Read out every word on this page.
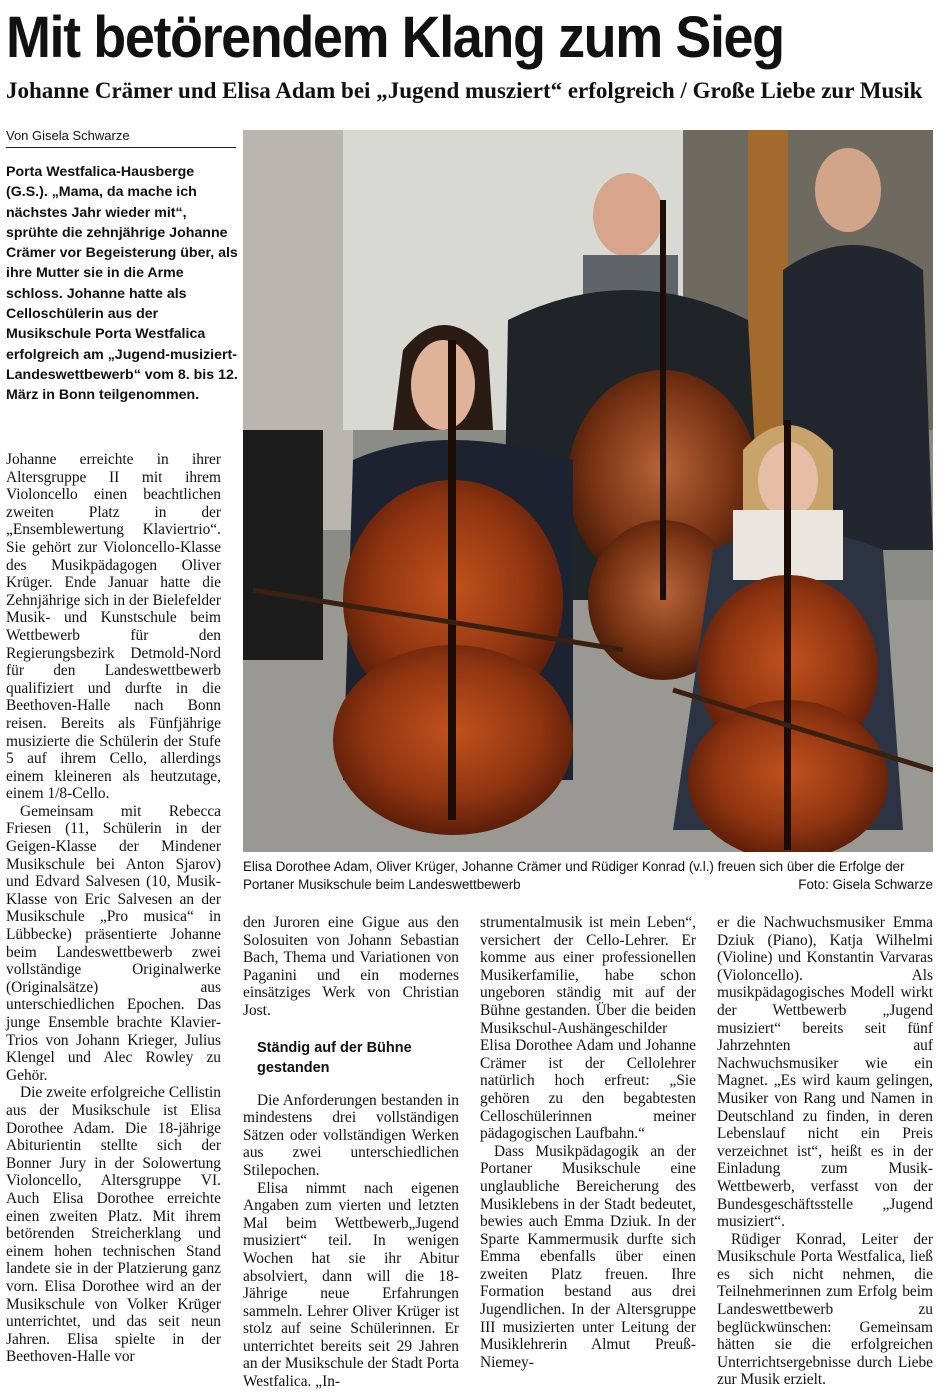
Mit betörendem Klang zum Sieg
Johanne Crämer und Elisa Adam bei „Jugend musziert“ erfolgreich / Große Liebe zur Musik
Von Gisela Schwarze

Porta Westfalica-Hausberge (G.S.). „Mama, da mache ich nächstes Jahr wieder mit“, sprühte die zehnjährige Johanne Crämer vor Begeisterung über, als ihre Mutter sie in die Arme schloss. Johanne hatte als Celloschülerin aus der Musikschule Porta Westfalica erfolgreich am „Jugend-musiziert-Landeswettbewerb“ vom 8. bis 12. März in Bonn teilgenommen.

Johanne erreichte in ihrer Altersgruppe II mit ihrem Violoncello einen beachtlichen zweiten Platz in der „Ensemblewertung Klaviertrio“. Sie gehört zur Violoncello-Klasse des Musikpädagogen Oliver Krüger. Ende Januar hatte die Zehnjährige sich in der Bielefelder Musik- und Kunstschule beim Wettbewerb für den Regierungsbezirk Detmold-Nord für den Landeswettbewerb qualifiziert und durfte in die Beethoven-Halle nach Bonn reisen. Bereits als Fünfjährige musizierte die Schülerin der Stufe 5 auf ihrem Cello, allerdings einem kleineren als heutzutage, einem 1/8-Cello.

Gemeinsam mit Rebecca Friesen (11, Schülerin in der Geigen-Klasse der Mindener Musikschule bei Anton Sjarov) und Edvard Salvesen (10, Musik-Klasse von Eric Salvesen an der Musikschule „Pro musica“ in Lübbecke) präsentierte Johanne beim Landeswettbewerb zwei vollständige Originalwerke (Originalsätze) aus unterschiedlichen Epochen. Das junge Ensemble brachte Klavier-Trios von Johann Krieger, Julius Klengel und Alec Rowley zu Gehör.

Die zweite erfolgreiche Cellistin aus der Musikschule ist Elisa Dorothee Adam. Die 18-jährige Abiturientin stellte sich der Bonner Jury in der Solowertung Violoncello, Altersgruppe VI. Auch Elisa Dorothee erreichte einen zweiten Platz. Mit ihrem betörenden Streicherklang und einem hohen technischen Stand landete sie in der Platzierung ganz vorn. Elisa Dorothee wird an der Musikschule von Volker Krüger unterrichtet, und das seit neun Jahren. Elisa spielte in der Beethoven-Halle vor

Elisa Dorothee Adam, Oliver Krüger, Johanne Crämer und Rüdiger Konrad (v.l.) freuen sich über die Erfolge der Portaner Musikschule beim Landeswettbewerb	Foto: Gisela Schwarze

den Juroren eine Gigue aus den Solosuiten von Johann Sebastian Bach, Thema und Variationen von Paganini und ein modernes einsätziges Werk von Christian Jost.

Ständig auf der Bühne gestanden

Die Anforderungen bestanden in mindestens drei vollständigen Sätzen oder vollständigen Werken aus zwei unterschiedlichen Stilepochen.

Elisa nimmt nach eigenen Angaben zum vierten und letzten Mal beim Wettbewerb„Jugend musiziert“ teil. In wenigen Wochen hat sie ihr Abitur absolviert, dann will die 18-Jährige neue Erfahrungen sammeln. Lehrer Oliver Krüger ist stolz auf seine Schülerinnen. Er unterrichtet bereits seit 29 Jahren an der Musikschule der Stadt Porta Westfalica. „In-

strumentalmusik ist mein Leben“, versichert der Cello-Lehrer. Er komme aus einer professionellen Musikerfamilie, habe schon ungeboren ständig mit auf der Bühne gestanden. Über die beiden Musikschul-Aushängeschilder Elisa Dorothee Adam und Johanne Crämer ist der Cellolehrer natürlich hoch erfreut: „Sie gehören zu den begabtesten Celloschülerinnen meiner pädagogischen Laufbahn.“

Dass Musikpädagogik an der Portaner Musikschule eine unglaubliche Bereicherung des Musiklebens in der Stadt bedeutet, bewies auch Emma Dziuk. In der Sparte Kammermusik durfte sich Emma ebenfalls über einen zweiten Platz freuen. Ihre Formation bestand aus drei Jugendlichen. In der Altersgruppe III musizierten unter Leitung der Musiklehrerin Almut Preuß-Niemey-

er die Nachwuchsmusiker Emma Dziuk (Piano), Katja Wilhelmi (Violine) und Konstantin Varvaras (Violoncello). Als musikpädagogisches Modell wirkt der Wettbewerb „Jugend musiziert“ bereits seit fünf Jahrzehnten auf Nachwuchsmusiker wie ein Magnet. „Es wird kaum gelingen, Musiker von Rang und Namen in Deutschland zu finden, in deren Lebenslauf nicht ein Preis verzeichnet ist“, heißt es in der Einladung zum Musik-Wettbewerb, verfasst von der Bundesgeschäftsstelle „Jugend musiziert“.

Rüdiger Konrad, Leiter der Musikschule Porta Westfalica, ließ es sich nicht nehmen, die Teilnehmerinnen zum Erfolg beim Landeswettbewerb zu beglückwünschen: Gemeinsam hätten sie die erfolgreichen Unterrichtsergebnisse durch Liebe zur Musik erzielt.
